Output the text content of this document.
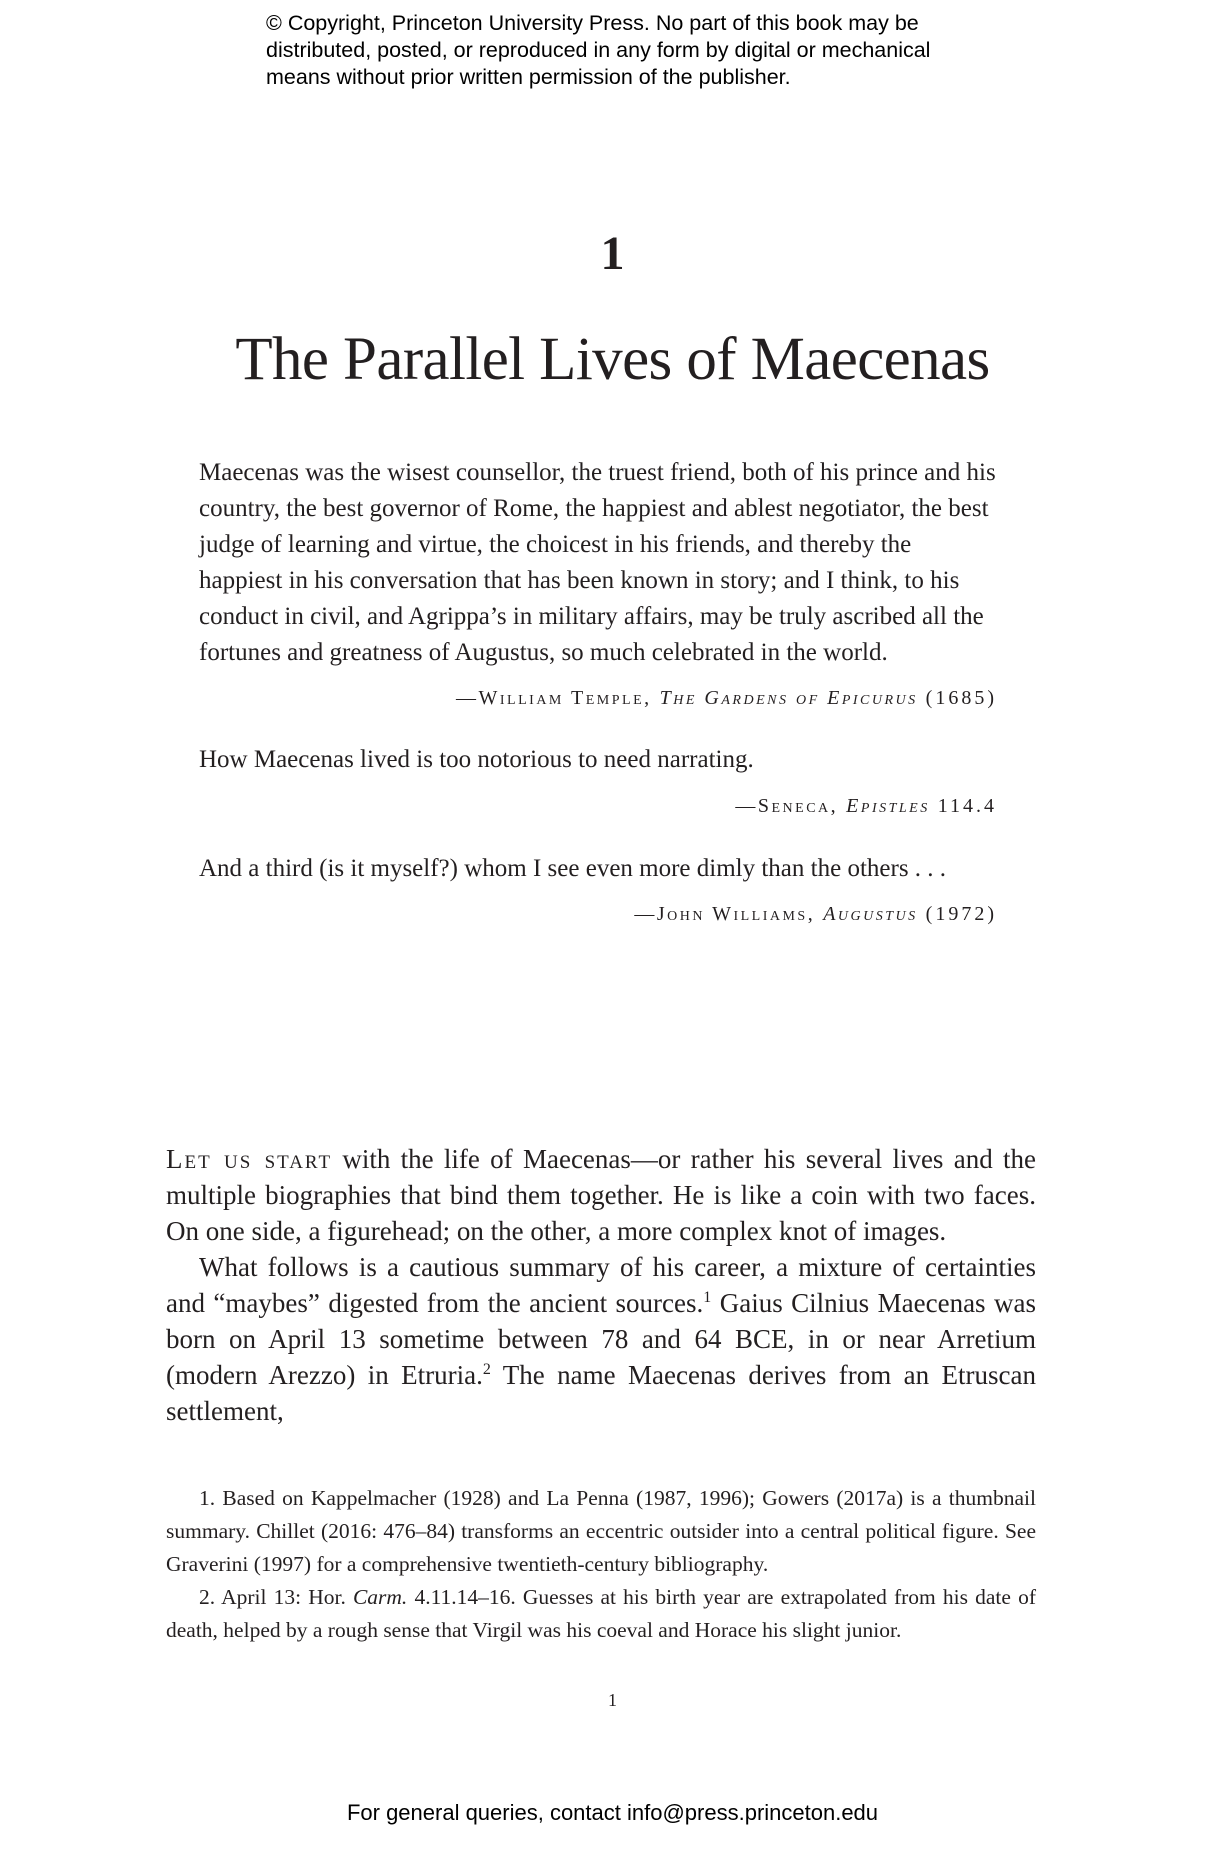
© Copyright, Princeton University Press. No part of this book may be
distributed, posted, or reproduced in any form by digital or mechanical
means without prior written permission of the publisher.
1
The Parallel Lives of Maecenas
Maecenas was the wisest counsellor, the truest friend, both of his prince and his country, the best governor of Rome, the happiest and ablest negotiator, the best judge of learning and virtue, the choicest in his friends, and thereby the happiest in his conversation that has been known in story; and I think, to his conduct in civil, and Agrippa’s in military affairs, may be truly ascribed all the fortunes and greatness of Augustus, so much celebrated in the world.
—William Temple, The Gardens of Epicurus (1685)
How Maecenas lived is too notorious to need narrating.
—Seneca, Epistles 114.4
And a third (is it myself?) whom I see even more dimly than the others . . .
—John Williams, Augustus (1972)

Let us start with the life of Maecenas—or rather his several lives and the multiple biographies that bind them together. He is like a coin with two faces. On one side, a figurehead; on the other, a more complex knot of images.

What follows is a cautious summary of his career, a mixture of certainties and “maybes” digested from the ancient sources.$^1$ Gaius Cilnius Maecenas was born on April 13 sometime between 78 and 64 BCE, in or near Arretium (modern Arezzo) in Etruria.$^2$ The name Maecenas derives from an Etruscan settlement,

1. Based on Kappelmacher (1928) and La Penna (1987, 1996); Gowers (2017a) is a thumbnail summary. Chillet (2016: 476–84) transforms an eccentric outsider into a central political figure. See Graverini (1997) for a comprehensive twentieth-century bibliography.

2. April 13: Hor. Carm. 4.11.14–16. Guesses at his birth year are extrapolated from his date of death, helped by a rough sense that Virgil was his coeval and Horace his slight junior.

1
For general queries, contact info@press.princeton.edu
